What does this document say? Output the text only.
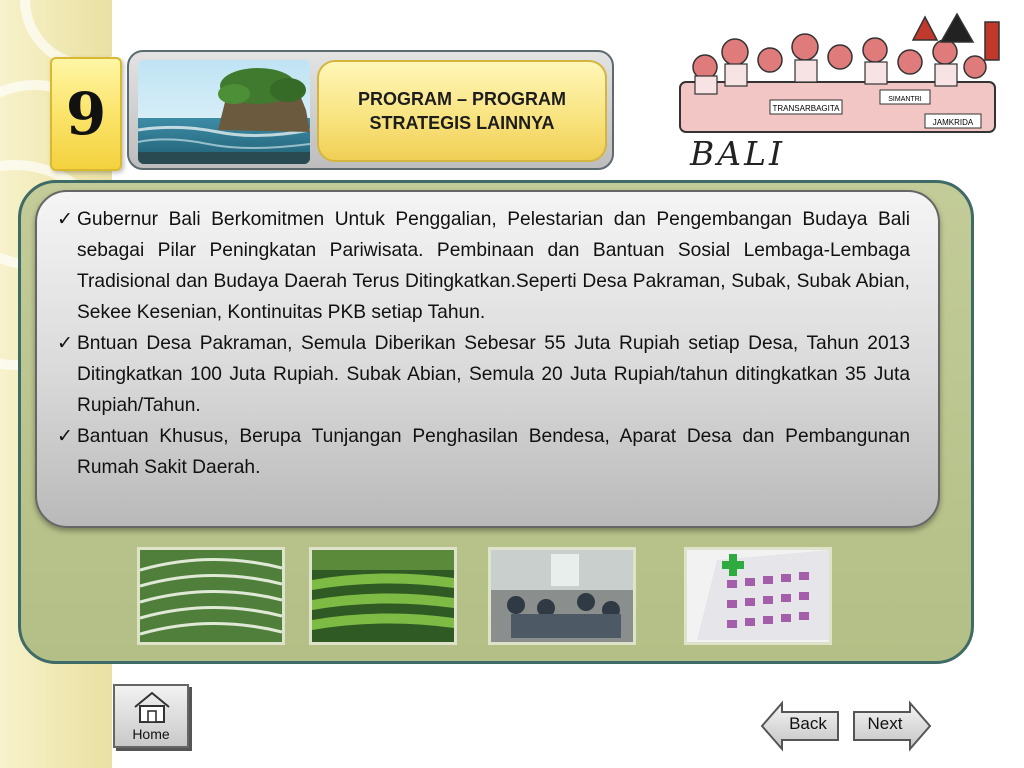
9	PROGRAM – PROGRAM
STRATEGIS LAINNYA
TRANSARBAGITA
SIMANTRI
JAMKRIDA
BALI

✓ Gubernur Bali Berkomitmen Untuk Penggalian, Pelestarian dan Pengembangan Budaya Bali sebagai Pilar Peningkatan Pariwisata. Pembinaan dan Bantuan Sosial Lembaga-Lembaga Tradisional dan Budaya Daerah Terus Ditingkatkan.Seperti Desa Pakraman, Subak, Subak Abian, Sekee Kesenian, Kontinuitas PKB setiap Tahun.

✓ Bntuan Desa Pakraman, Semula Diberikan Sebesar 55 Juta Rupiah setiap Desa, Tahun 2013 Ditingkatkan 100 Juta Rupiah. Subak Abian, Semula 20 Juta Rupiah/tahun ditingkatkan 35 Juta Rupiah/Tahun.

✓ Bantuan Khusus, Berupa Tunjangan Penghasilan Bendesa, Aparat Desa dan Pembangunan Rumah Sakit Daerah.

Home
Back	Next
